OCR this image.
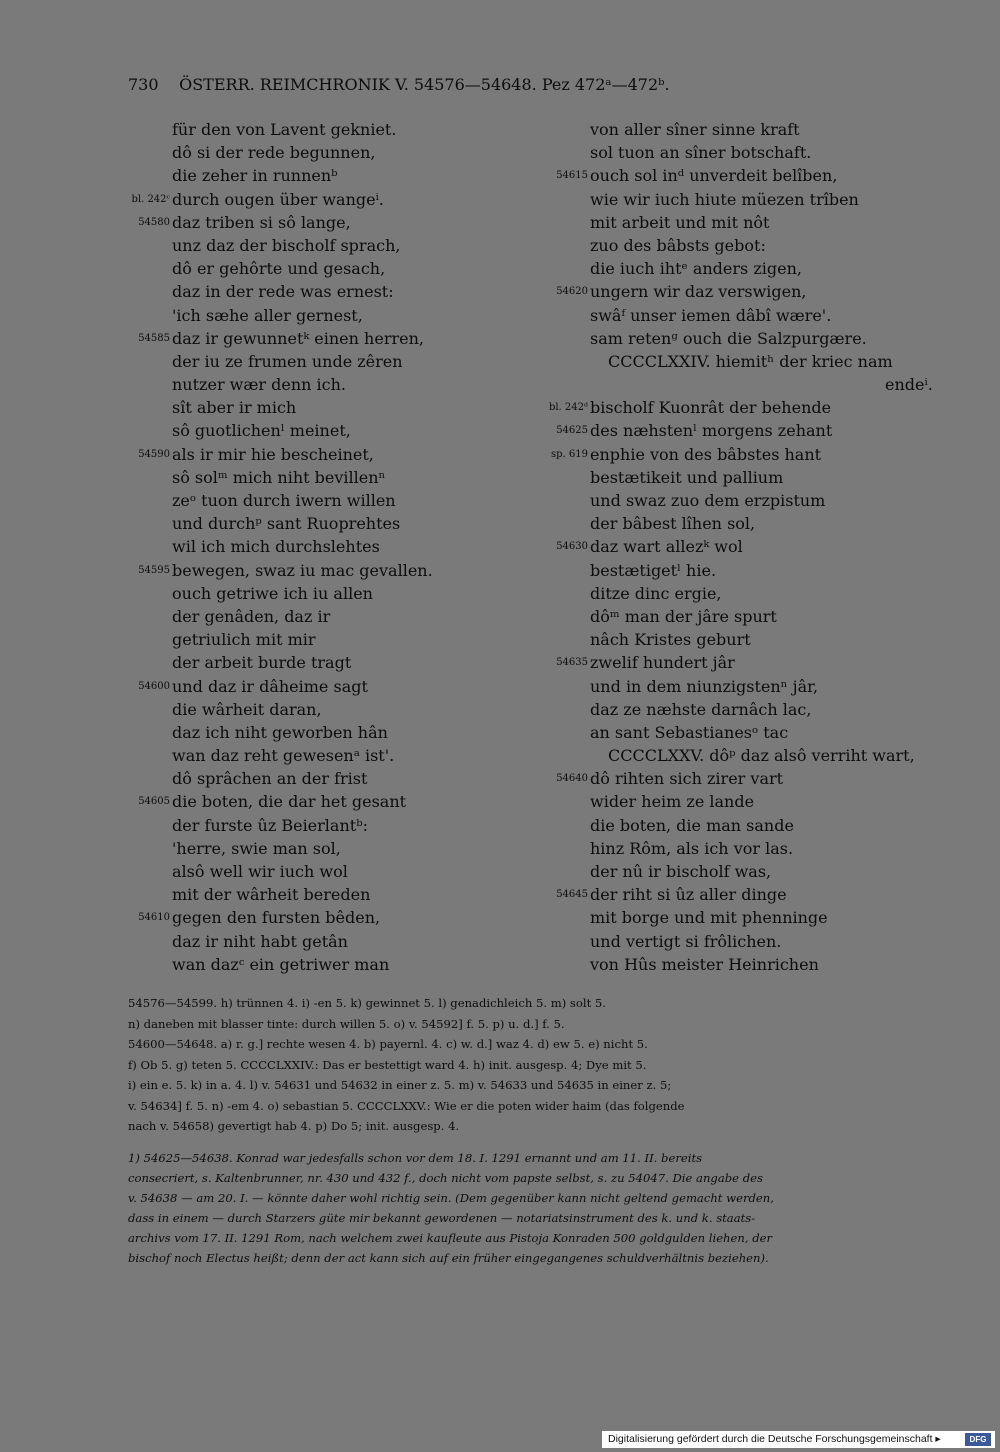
730 ÖSTERR. REIMCHRONIK V. 54576—54648. Pez 472ᵃ—472ᵇ.
für den von Lavent gekniet.
dô si der rede begunnen,
die zeher in runnenᵇ
bl. 242ᶜ durch ougen über wangeⁱ.
54580 daz triben si sô lange,
unz daz der bischolf sprach,
dô er gehôrte und gesach,
daz in der rede was ernest:
'ich sæhe aller gernest,
54585 daz ir gewunnetᵏ einen herren,
der iu ze frumen unde zêren
nutzer wær denn ich.
sît aber ir mich
sô guotlichenˡ meinet,
54590 als ir mir hie bescheinet,
sô solᵐ mich niht bevillenⁿ
zeᵒ tuon durch iwern willen
und durchᵖ sant Ruoprehtes
wil ich mich durchslehtes
54595 bewegen, swaz iu mac gevallen.
ouch getriwe ich iu allen
der genâden, daz ir
getriulich mit mir
der arbeit burde tragt
54600 und daz ir dâheime sagt
die wârheit daran,
daz ich niht geworben hân
wan daz reht gewesenᵃ ist'.
dô sprâchen an der frist
54605 die boten, die dar het gesant
der furste ûz Beierlantᵇ:
'herre, swie man sol,
alsô well wir iuch wol
mit der wârheit bereden
54610 gegen den fursten bêden,
daz ir niht habt getân
wan dazᶜ ein getriwer man
von aller sîner sinne kraft
sol tuon an sîner botschaft.
54615 ouch sol inᵈ unverdeit belîben,
wie wir iuch hiute müezen trîben
mit arbeit und mit nôt
zuo des bâbsts gebot:
die iuch ihtᵉ anders zigen,
54620 ungern wir daz verswigen,
swâᶠ unser iemen dâbî wære'.
sam retenᵍ ouch die Salzpurgære.
CCCCLXXIV. hiemitʰ der kriec nam
endeⁱ.
bl. 242ᵈ bischolf Kuonrât der behende
54625 des næhstenˡ morgens zehant
sp. 619 enphie von des bâbstes hant
bestætikeit und pallium
und swaz zuo dem erzpistum
der bâbest lîhen sol,
54630 daz wart allezᵏ wol
bestætigetˡ hie.
ditze dinc ergie,
dôᵐ man der jâre spurt
nâch Kristes geburt
54635 zwelif hundert jâr
und in dem niunzigstenⁿ jâr,
daz ze næhste darnâch lac,
an sant Sebastianesᵒ tac
CCCCLXXV. dôᵖ daz alsô verriht wart,
54640 dô rihten sich zirer vart
wider heim ze lande
die boten, die man sande
hinz Rôm, als ich vor las.
der nû ir bischolf was,
54645 der riht si ûz aller dinge
mit borge und mit phenninge
und vertigt si frôlichen.
von Hûs meister Heinrichen

54576—54599. h) trünnen 4. i) -en 5. k) gewinnet 5. l) genadichleich 5. m) solt 5.

n) daneben mit blasser tinte: durch willen 5. o) v. 54592] f. 5. p) u. d.] f. 5.

54600—54648. a) r. g.] rechte wesen 4. b) payernl. 4. c) w. d.] waz 4. d) ew 5. e) nicht 5.

f) Ob 5. g) teten 5. CCCCLXXIV.: Das er bestettigt ward 4. h) init. ausgesp. 4; Dye mit 5.

i) ein e. 5. k) in a. 4. l) v. 54631 und 54632 in einer z. 5. m) v. 54633 und 54635 in einer z. 5;

v. 54634] f. 5. n) -em 4. o) sebastian 5. CCCCLXXV.: Wie er die poten wider haim (das folgende

nach v. 54658) gevertigt hab 4. p) Do 5; init. ausgesp. 4.

1) 54625—54638. Konrad war jedesfalls schon vor dem 18. I. 1291 ernannt und am 11. II. bereits

consecriert, s. Kaltenbrunner, nr. 430 und 432 f., doch nicht vom papste selbst, s. zu 54047. Die angabe des

v. 54638 — am 20. I. — könnte daher wohl richtig sein. (Dem gegenüber kann nicht geltend gemacht werden,

dass in einem — durch Starzers güte mir bekannt gewordenen — notariatsinstrument des k. und k. staats-

archivs vom 17. II. 1291 Rom, nach welchem zwei kaufleute aus Pistoja Konraden 500 goldgulden liehen, der

bischof noch Electus heißt; denn der act kann sich auf ein früher eingegangenes schuldverhältnis beziehen).

Digitalisierung gefördert durch die Deutsche Forschungsgemeinschaft ▸	DFG
